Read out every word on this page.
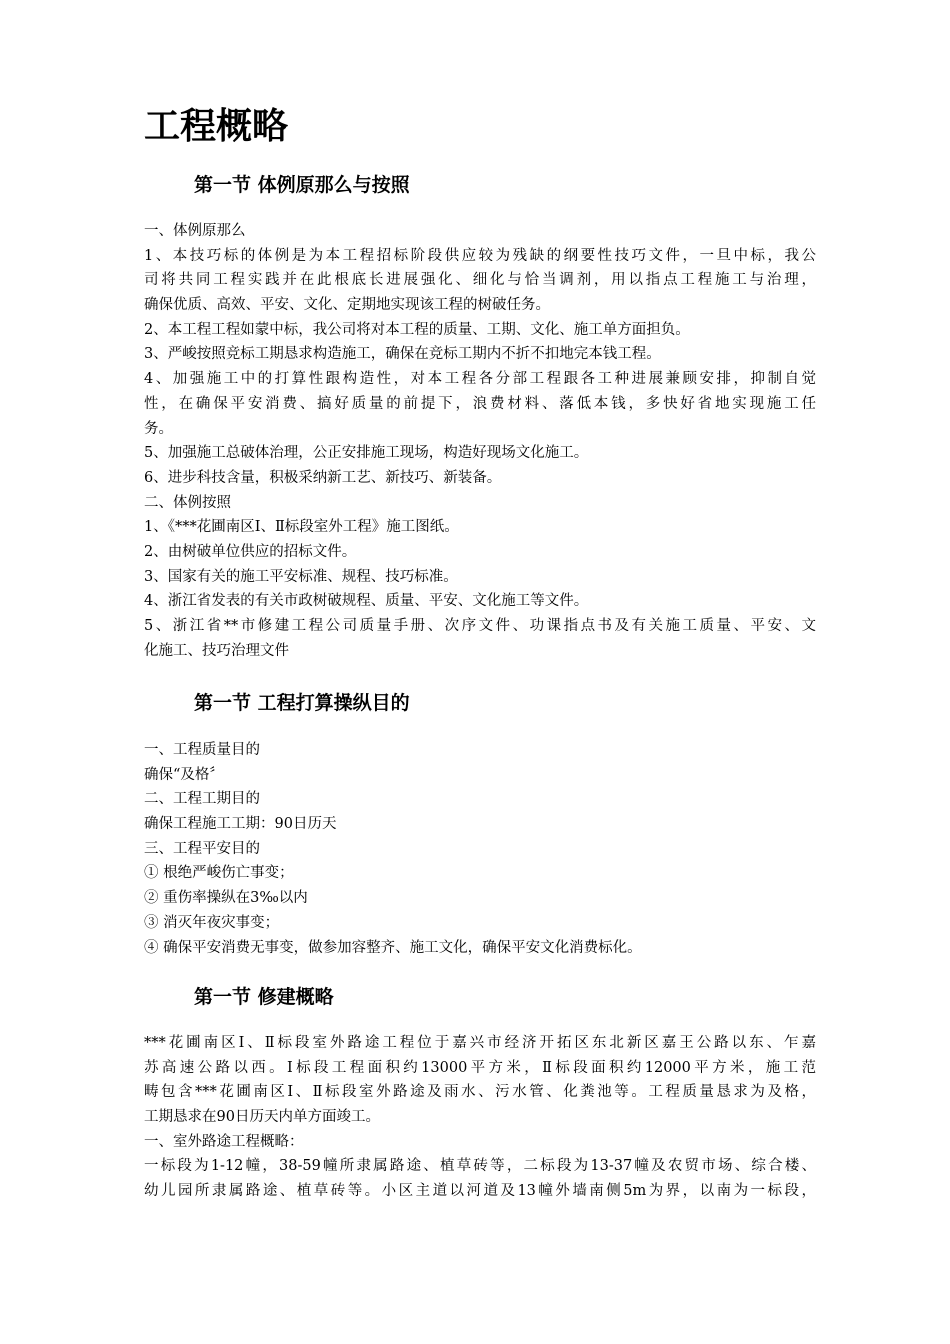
工程概略
第一节 体例原那么与按照

一、体例原那么

1、本技巧标的体例是为本工程招标阶段供应较为残缺的纲要性技巧文件，一旦中标，我公

司将共同工程实践并在此根底长进展强化、细化与恰当调剂，用以指点工程施工与治理，

确保优质、高效、平安、文化、定期地实现该工程的树破任务。

2、本工程工程如蒙中标，我公司将对本工程的质量、工期、文化、施工单方面担负。

3、严峻按照竞标工期恳求构造施工，确保在竞标工期内不折不扣地完本钱工程。

4、加强施工中的打算性跟构造性，对本工程各分部工程跟各工种进展兼顾安排，抑制自觉

性，在确保平安消费、搞好质量的前提下，浪费材料、落低本钱，多快好省地实现施工任

务。

5、加强施工总破体治理，公正安排施工现场，构造好现场文化施工。

6、进步科技含量，积极采纳新工艺、新技巧、新装备。

二、体例按照

1、《***花圃南区Ⅰ、Ⅱ标段室外工程》施工图纸。

2、由树破单位供应的招标文件。

3、国家有关的施工平安标准、规程、技巧标准。

4、浙江省发表的有关市政树破规程、质量、平安、文化施工等文件。

5、浙江省**市修建工程公司质量手册、次序文件、功课指点书及有关施工质量、平安、文

化施工、技巧治理文件

第一节 工程打算操纵目的

一、工程质量目的

确保“及格〞

二、工程工期目的

确保工程施工工期：90日历天

三、工程平安目的

① 根绝严峻伤亡事变；

② 重伤率操纵在3‰以内

③ 消灭年夜灾事变；

④ 确保平安消费无事变，做参加容整齐、施工文化，确保平安文化消费标化。

第一节 修建概略

***花圃南区Ⅰ、Ⅱ标段室外路途工程位于嘉兴市经济开拓区东北新区嘉王公路以东、乍嘉

苏高速公路以西。Ⅰ标段工程面积约13000平方米，Ⅱ标段面积约12000平方米，施工范

畴包含***花圃南区Ⅰ、Ⅱ标段室外路途及雨水、污水管、化粪池等。工程质量恳求为及格，

工期恳求在90日历天内单方面竣工。

一、室外路途工程概略：

一标段为1-12幢，38-59幢所隶属路途、植草砖等，二标段为13-37幢及农贸市场、综合楼、

幼儿园所隶属路途、植草砖等。小区主道以河道及13幢外墙南侧5m为界，以南为一标段，
